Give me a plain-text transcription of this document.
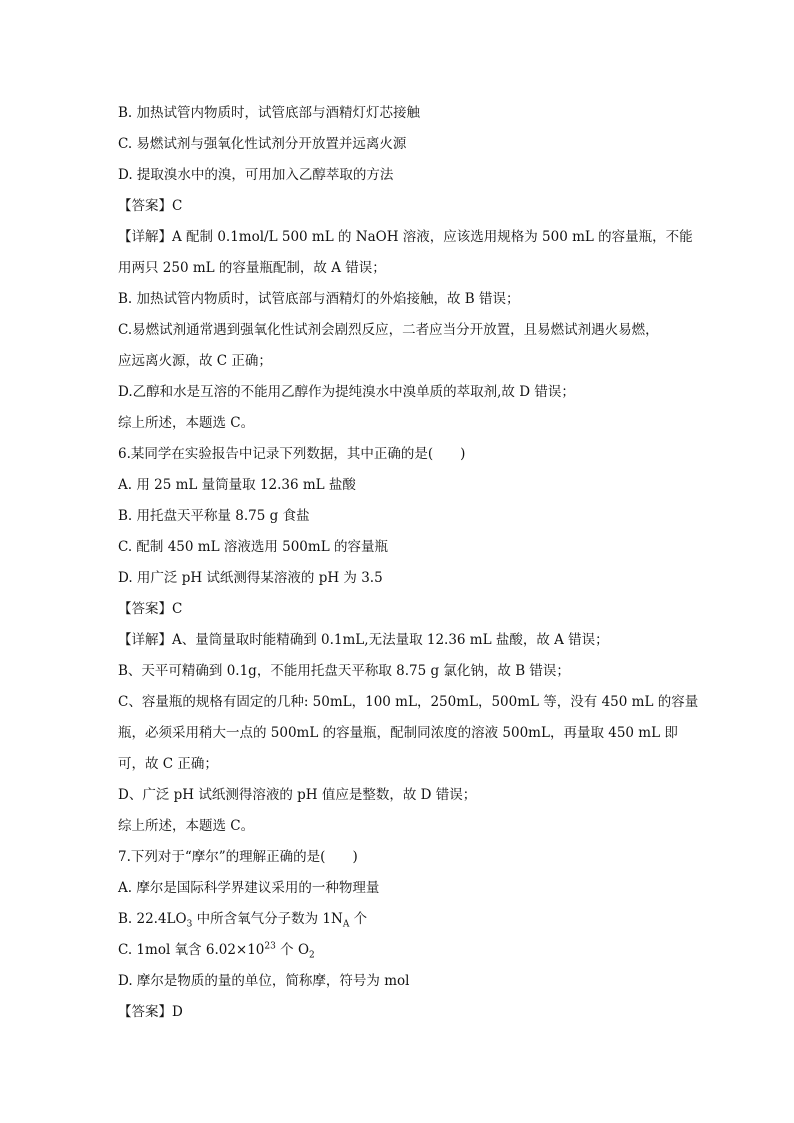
B. 加热试管内物质时，试管底部与酒精灯灯芯接触
C. 易燃试剂与强氧化性试剂分开放置并远离火源
D. 提取溴水中的溴，可用加入乙醇萃取的方法
【答案】C
【详解】A 配制 0.1mol/L 500 mL 的 NaOH 溶液，应该选用规格为 500 mL 的容量瓶，不能
用两只 250 mL 的容量瓶配制，故 A 错误；
B. 加热试管内物质时，试管底部与酒精灯的外焰接触，故 B 错误；
C.易燃试剂通常遇到强氧化性试剂会剧烈反应，二者应当分开放置，且易燃试剂遇火易燃，
应远离火源，故 C 正确；
D.乙醇和水是互溶的不能用乙醇作为提纯溴水中溴单质的萃取剂,故 D 错误；
综上所述，本题选 C。
6.某同学在实验报告中记录下列数据，其中正确的是(　　)
A. 用 25 mL 量筒量取 12.36 mL 盐酸
B. 用托盘天平称量 8.75 g 食盐
C. 配制 450 mL 溶液选用 500mL 的容量瓶
D. 用广泛 pH 试纸测得某溶液的 pH 为 3.5
【答案】C
【详解】A、量筒量取时能精确到 0.1mL,无法量取 12.36 mL 盐酸，故 A 错误；
B、天平可精确到 0.1g，不能用托盘天平称取 8.75 g 氯化钠，故 B 错误；
C、容量瓶的规格有固定的几种: 50mL，100 mL，250mL，500mL 等，没有 450 mL 的容量
瓶，必须采用稍大一点的 500mL 的容量瓶，配制同浓度的溶液 500mL，再量取 450 mL 即
可，故 C 正确；
D、广泛 pH 试纸测得溶液的 pH 值应是整数，故 D 错误；
综上所述，本题选 C。
7.下列对于“摩尔”的理解正确的是(　　)
A. 摩尔是国际科学界建议采用的一种物理量
B. $22.4LO_3$ 中所含氧气分子数为 $1N_A$ 个
C. 1mol 氧含 $6.02\times 10^{23}$ 个 $O_2$
D. 摩尔是物质的量的单位，简称摩，符号为 mol
【答案】D
